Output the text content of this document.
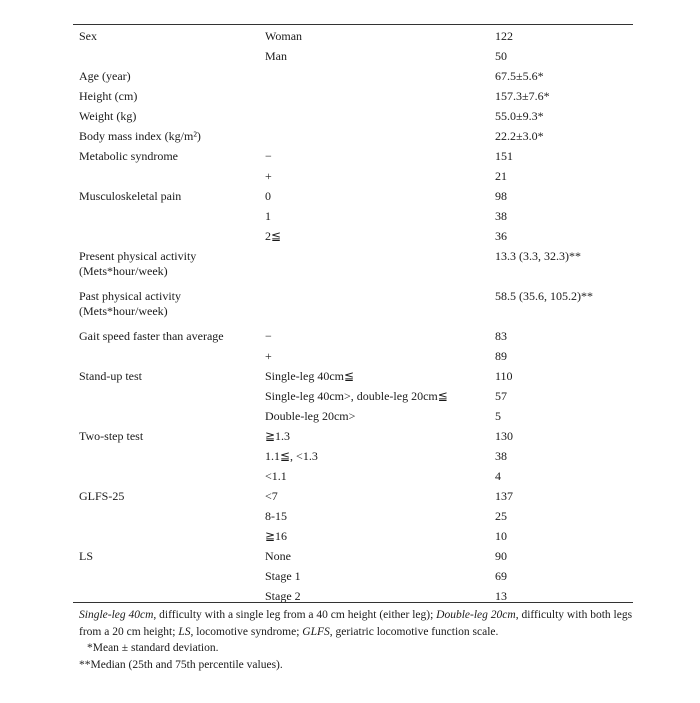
Sex	Woman	122
	Man	50
Age (year)		67.5±5.6*
Height (cm)		157.3±7.6*
Weight (kg)		55.0±9.3*
Body mass index (kg/m²)		22.2±3.0*
Metabolic syndrome	−	151
	+	21
Musculoskeletal pain	0	98
	1	38
	2≦	36
Present physical activity
(Mets*hour/week)		13.3 (3.3, 32.3)**
Past physical activity
(Mets*hour/week)		58.5 (35.6, 105.2)**
Gait speed faster than average	−	83
	+	89
Stand-up test	Single-leg 40cm≦	110
	Single-leg 40cm>, double-leg 20cm≦	57
	Double-leg 20cm>	5
Two-step test	≧1.3	130
	1.1≦, <1.3	38
	<1.1	4
GLFS-25	<7	137
	8-15	25
	≧16	10
LS	None	90
	Stage 1	69
	Stage 2	13

Single-leg 40cm, difficulty with a single leg from a 40 cm height (either leg); Double-leg 20cm, difficulty with both legs from a 20 cm height; LS, locomotive syndrome; GLFS, geriatric locomotive function scale.

*Mean ± standard deviation.

**Median (25th and 75th percentile values).
